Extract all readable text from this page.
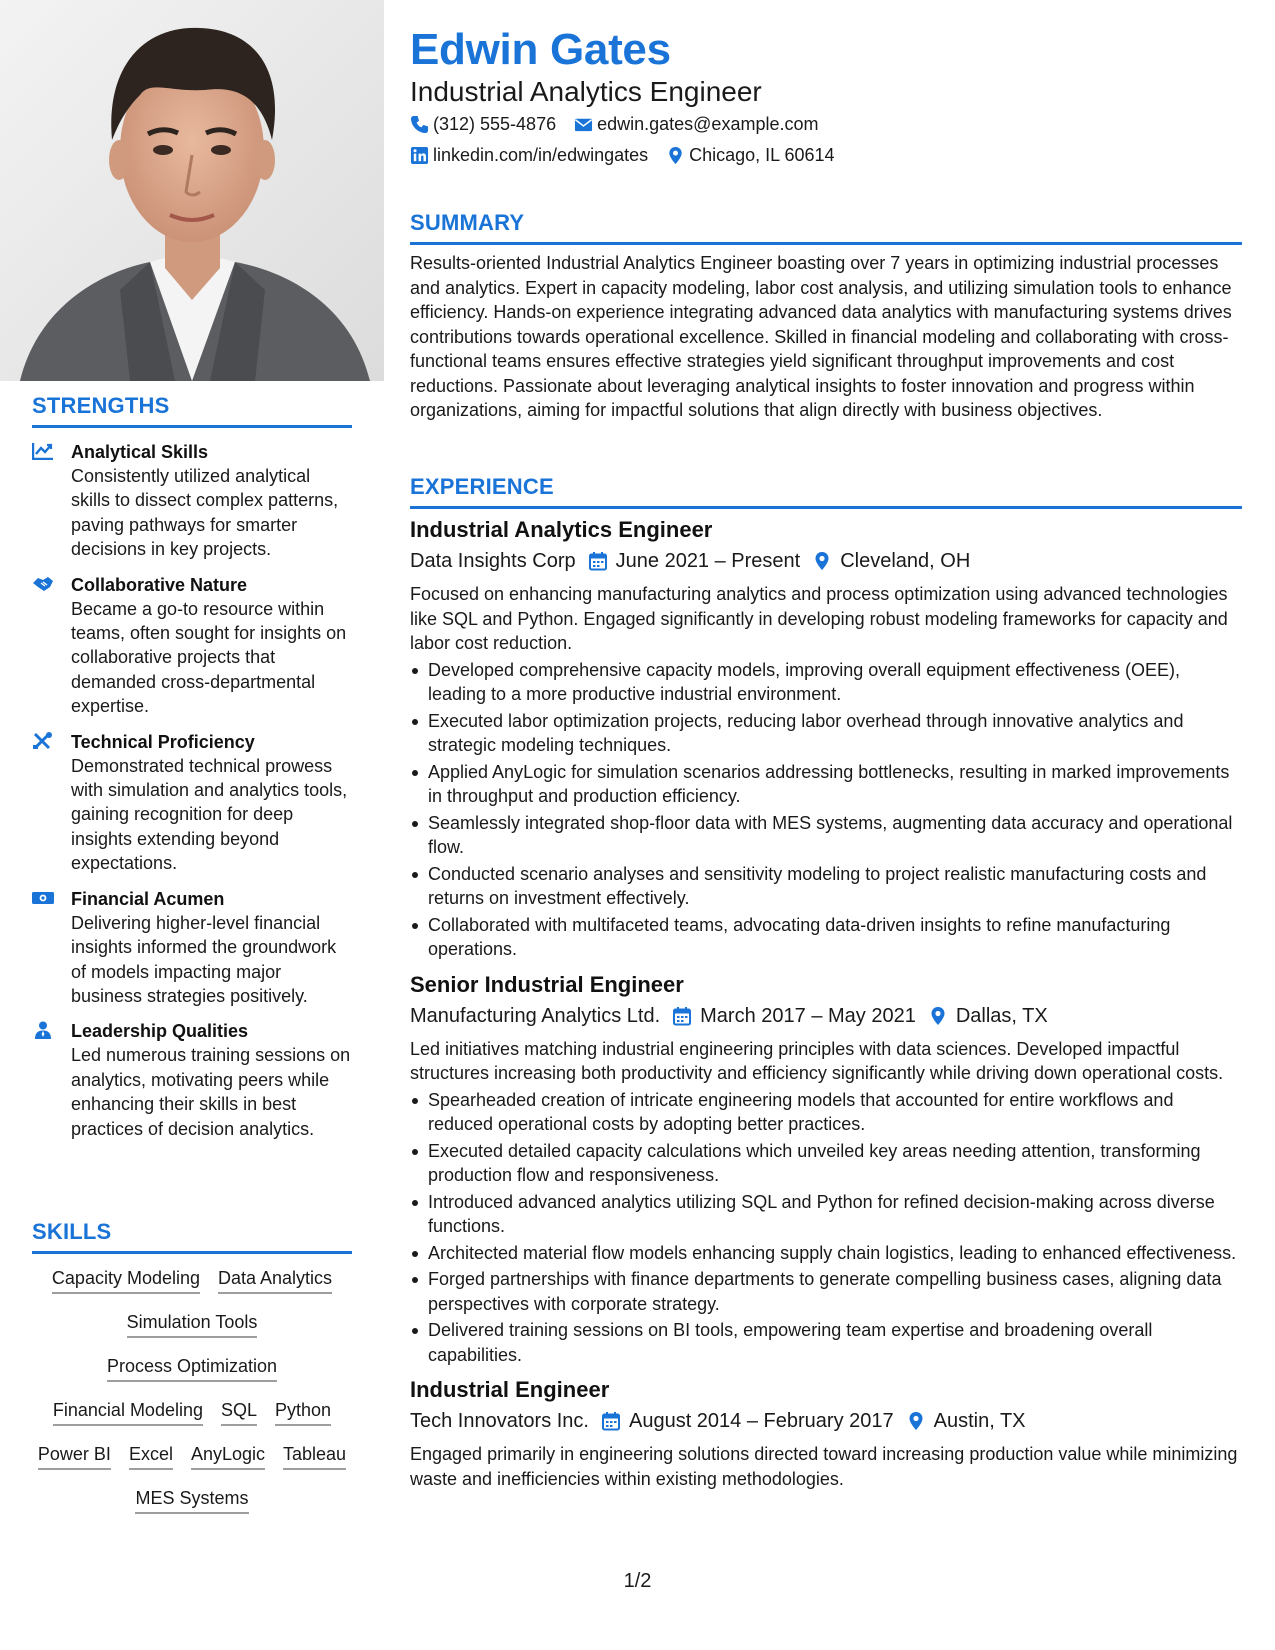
STRENGTHS
Analytical Skills
Consistently utilized analytical skills to dissect complex patterns, paving pathways for smarter decisions in key projects.
Collaborative Nature
Became a go-to resource within teams, often sought for insights on collaborative projects that demanded cross-departmental expertise.
Technical Proficiency
Demonstrated technical prowess with simulation and analytics tools, gaining recognition for deep insights extending beyond expectations.
Financial Acumen
Delivering higher-level financial insights informed the groundwork of models impacting major business strategies positively.
Leadership Qualities
Led numerous training sessions on analytics, motivating peers while enhancing their skills in best practices of decision analytics.
SKILLS
Capacity Modeling Data Analytics
Simulation Tools
Process Optimization
Financial Modeling SQL Python
Power BI Excel AnyLogic Tableau
MES Systems
Edwin Gates
Industrial Analytics Engineer
(312) 555-4876 edwin.gates@example.com
linkedin.com/in/edwingates Chicago, IL 60614
SUMMARY
Results-oriented Industrial Analytics Engineer boasting over 7 years in optimizing industrial processes and analytics. Expert in capacity modeling, labor cost analysis, and utilizing simulation tools to enhance efficiency. Hands-on experience integrating advanced data analytics with manufacturing systems drives contributions towards operational excellence. Skilled in financial modeling and collaborating with cross-functional teams ensures effective strategies yield significant throughput improvements and cost reductions. Passionate about leveraging analytical insights to foster innovation and progress within organizations, aiming for impactful solutions that align directly with business objectives.
EXPERIENCE
Industrial Analytics Engineer
Data Insights Corp June 2021 – Present Cleveland, OH
Focused on enhancing manufacturing analytics and process optimization using advanced technologies like SQL and Python. Engaged significantly in developing robust modeling frameworks for capacity and labor cost reduction.
Developed comprehensive capacity models, improving overall equipment effectiveness (OEE), leading to a more productive industrial environment.
Executed labor optimization projects, reducing labor overhead through innovative analytics and strategic modeling techniques.
Applied AnyLogic for simulation scenarios addressing bottlenecks, resulting in marked improvements in throughput and production efficiency.
Seamlessly integrated shop-floor data with MES systems, augmenting data accuracy and operational flow.
Conducted scenario analyses and sensitivity modeling to project realistic manufacturing costs and returns on investment effectively.
Collaborated with multifaceted teams, advocating data-driven insights to refine manufacturing operations.
Senior Industrial Engineer
Manufacturing Analytics Ltd. March 2017 – May 2021 Dallas, TX
Led initiatives matching industrial engineering principles with data sciences. Developed impactful structures increasing both productivity and efficiency significantly while driving down operational costs.
Spearheaded creation of intricate engineering models that accounted for entire workflows and reduced operational costs by adopting better practices.
Executed detailed capacity calculations which unveiled key areas needing attention, transforming production flow and responsiveness.
Introduced advanced analytics utilizing SQL and Python for refined decision-making across diverse functions.
Architected material flow models enhancing supply chain logistics, leading to enhanced effectiveness.
Forged partnerships with finance departments to generate compelling business cases, aligning data perspectives with corporate strategy.
Delivered training sessions on BI tools, empowering team expertise and broadening overall capabilities.
Industrial Engineer
Tech Innovators Inc. August 2014 – February 2017 Austin, TX
Engaged primarily in engineering solutions directed toward increasing production value while minimizing waste and inefficiencies within existing methodologies.
1/2
